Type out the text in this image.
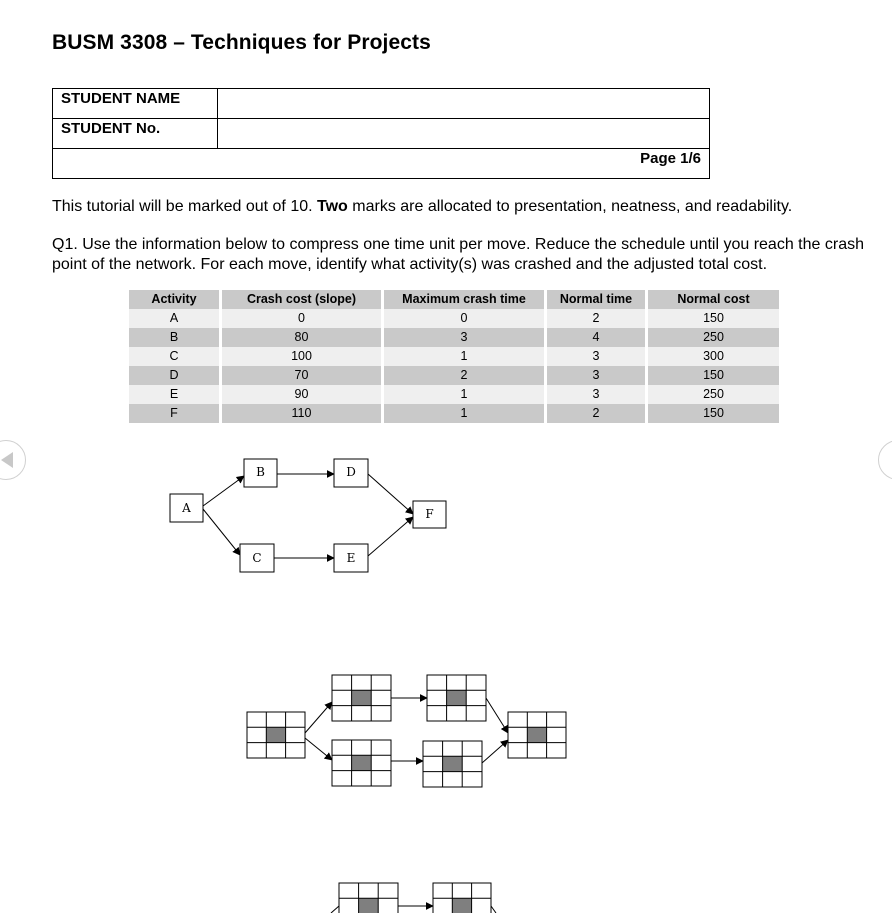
BUSM 3308 – Techniques for Projects
STUDENT NAME	
STUDENT No.	
Page 1/6	

This tutorial will be marked out of 10. Two marks are allocated to presentation, neatness, and readability.

Q1. Use the information below to compress one time unit per move. Reduce the schedule until you reach the crash point of the network. For each move, identify what activity(s) was crashed and the adjusted total cost.

Activity	Crash cost (slope)	Maximum crash time	Normal time	Normal cost
A	0	0	2	150
B	80	3	4	250
C	100	1	3	300
D	70	2	3	150
E	90	1	3	250
F	110	1	2	150
A
B
C
D
E
F
